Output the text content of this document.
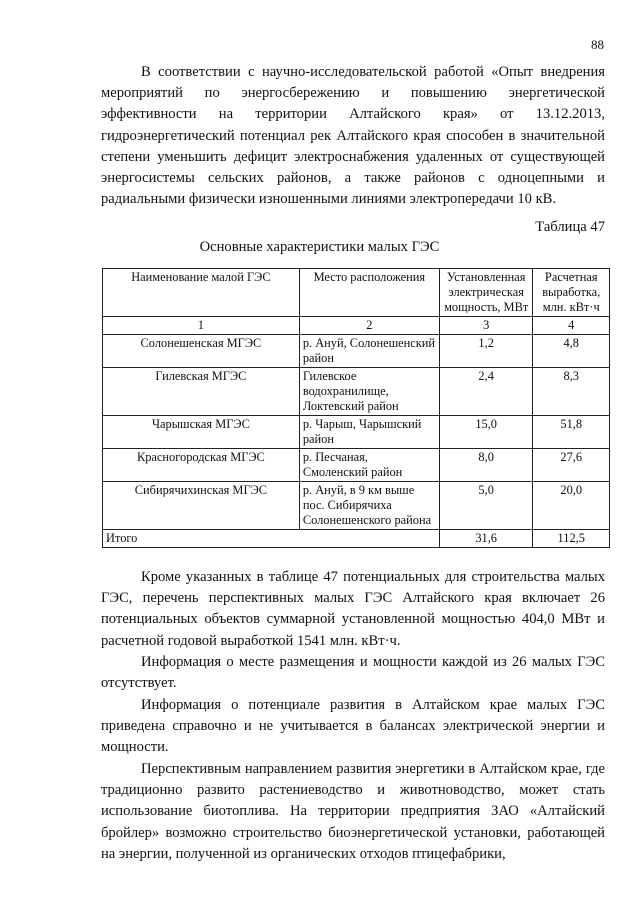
88

В соответствии с научно-исследовательской работой «Опыт внедрения мероприятий по энергосбережению и повышению энергетической эффективности на территории Алтайского края» от 13.12.2013, гидроэнергетический потенциал рек Алтайского края способен в значительной степени уменьшить дефицит электроснабжения удаленных от существующей энергосистемы сельских районов, а также районов с одноцепными и радиальными физически изношенными линиями электропередачи 10 кВ.

Таблица 47
Основные характеристики малых ГЭС
Наименование малой ГЭС	Место расположения	Установленная электрическая мощность, МВт	Расчетная выработка, млн. кВт·ч
1	2	3	4
Солонешенская МГЭС	р. Ануй, Солонешенский район	1,2	4,8
Гилевская МГЭС	Гилевское водохранилище, Локтевский район	2,4	8,3
Чарышская МГЭС	р. Чарыш, Чарышский район	15,0	51,8
Красногородская МГЭС	р. Песчаная, Смоленский район	8,0	27,6
Сибирячихинская МГЭС	р. Ануй, в 9 км выше пос. Сибирячиха Солонешенского района	5,0	20,0
Итого		31,6	112,5

Кроме указанных в таблице 47 потенциальных для строительства малых ГЭС, перечень перспективных малых ГЭС Алтайского края включает 26 потенциальных объектов суммарной установленной мощностью 404,0 МВт и расчетной годовой выработкой 1541 млн. кВт·ч.

Информация о месте размещения и мощности каждой из 26 малых ГЭС отсутствует.

Информация о потенциале развития в Алтайском крае малых ГЭС приведена справочно и не учитывается в балансах электрической энергии и мощности.

Перспективным направлением развития энергетики в Алтайском крае, где традиционно развито растениеводство и животноводство, может стать использование биотоплива. На территории предприятия ЗАО «Алтайский бройлер» возможно строительство биоэнергетической установки, работающей на энергии, полученной из органических отходов птицефабрики,
